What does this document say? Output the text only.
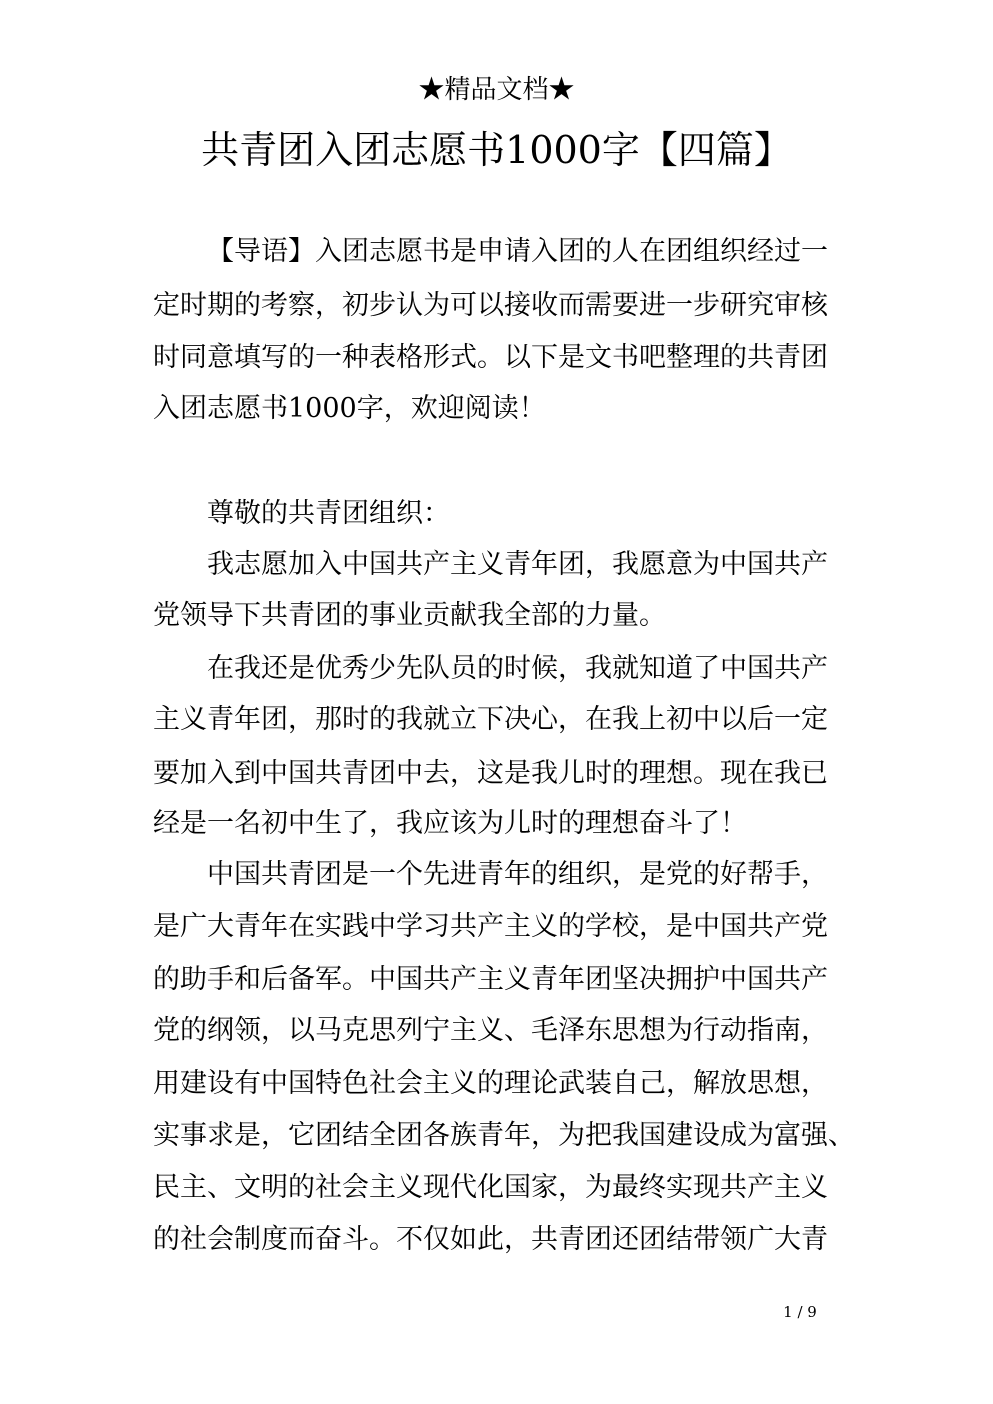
★精品文档★
共青团入团志愿书1000字【四篇】
【导语】入团志愿书是申请入团的人在团组织经过一
定时期的考察，初步认为可以接收而需要进一步研究审核
时同意填写的一种表格形式。以下是文书吧整理的共青团
入团志愿书1000字，欢迎阅读！
尊敬的共青团组织：
我志愿加入中国共产主义青年团，我愿意为中国共产
党领导下共青团的事业贡献我全部的力量。
在我还是优秀少先队员的时候，我就知道了中国共产
主义青年团，那时的我就立下决心，在我上初中以后一定
要加入到中国共青团中去，这是我儿时的理想。现在我已
经是一名初中生了，我应该为儿时的理想奋斗了！
中国共青团是一个先进青年的组织，是党的好帮手，
是广大青年在实践中学习共产主义的学校，是中国共产党
的助手和后备军。中国共产主义青年团坚决拥护中国共产
党的纲领，以马克思列宁主义、毛泽东思想为行动指南，
用建设有中国特色社会主义的理论武装自己，解放思想，
实事求是，它团结全团各族青年，为把我国建设成为富强、
民主、文明的社会主义现代化国家，为最终实现共产主义
的社会制度而奋斗。不仅如此，共青团还团结带领广大青
1 / 9
